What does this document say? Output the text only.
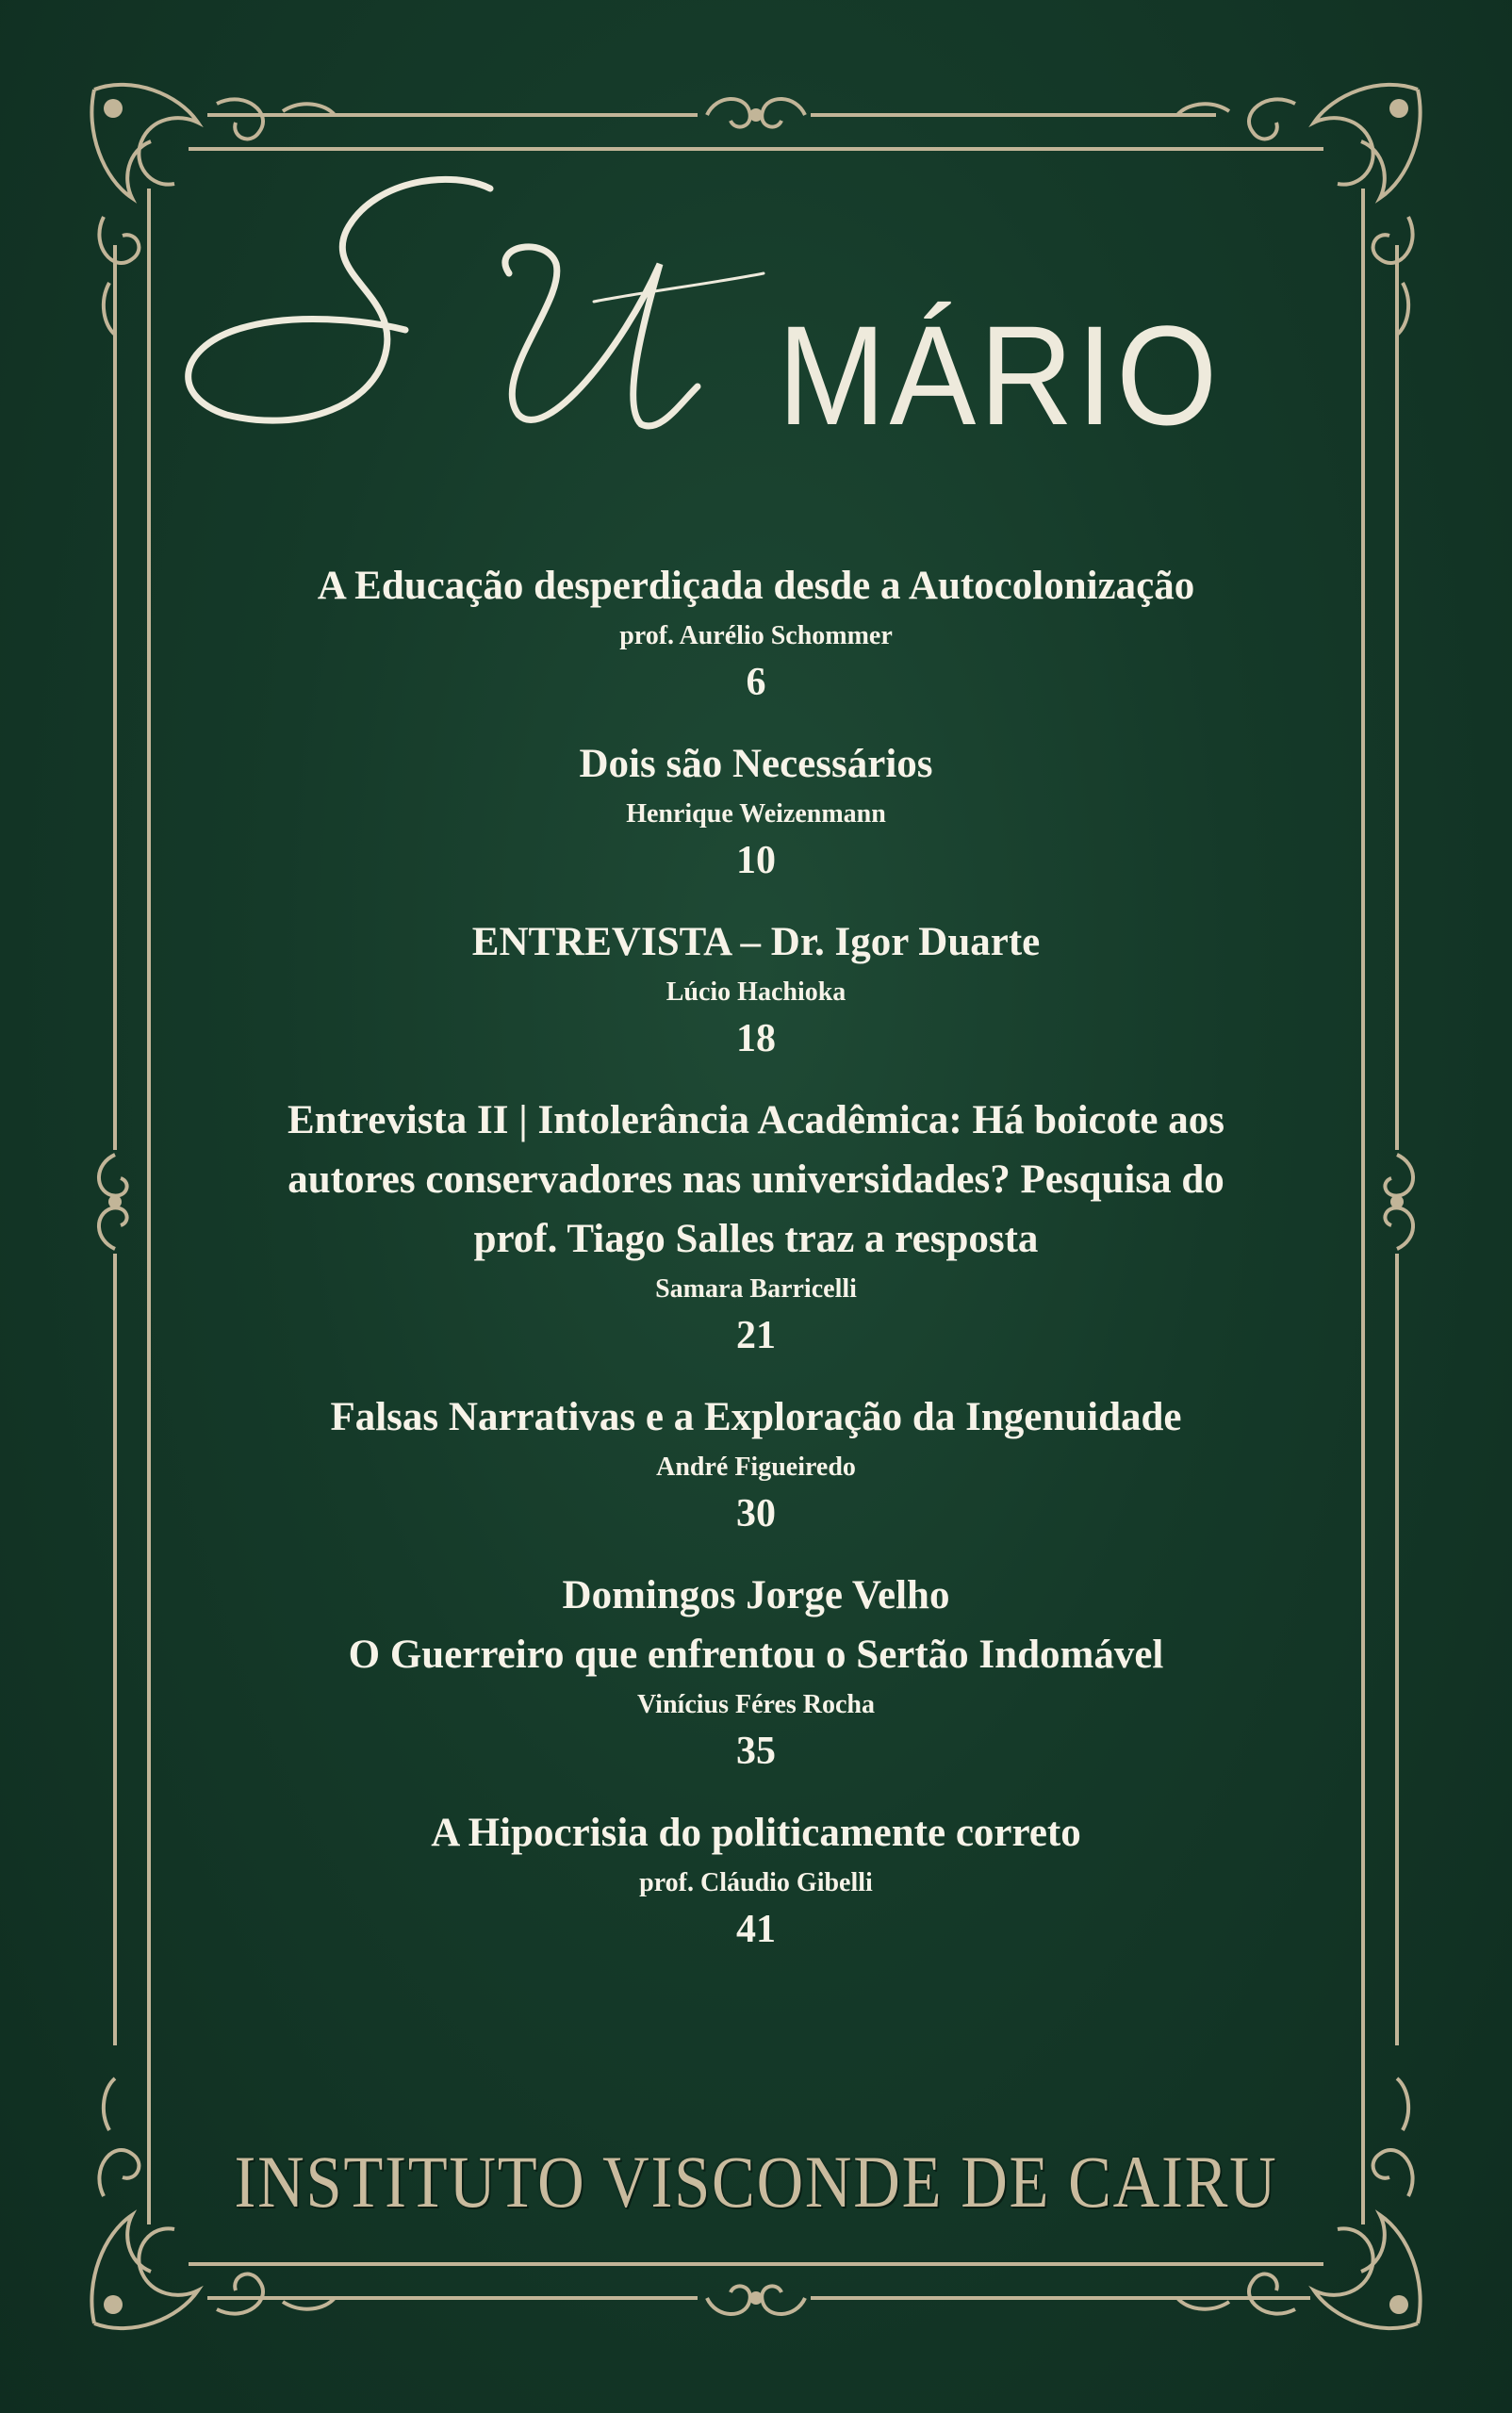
MÁRIO
A Educação desperdiçada desde a Autocolonização
prof. Aurélio Schommer
6
Dois são Necessários
Henrique Weizenmann
10
ENTREVISTA – Dr. Igor Duarte
Lúcio Hachioka
18
Entrevista II | Intolerância Acadêmica: Há boicote aos
autores conservadores nas universidades? Pesquisa do
prof. Tiago Salles traz a resposta
Samara Barricelli
21
Falsas Narrativas e a Exploração da Ingenuidade
André Figueiredo
30
Domingos Jorge Velho
O Guerreiro que enfrentou o Sertão Indomável
Vinícius Féres Rocha
35
A Hipocrisia do politicamente correto
prof. Cláudio Gibelli
41
INSTITUTO VISCONDE DE CAIRU
